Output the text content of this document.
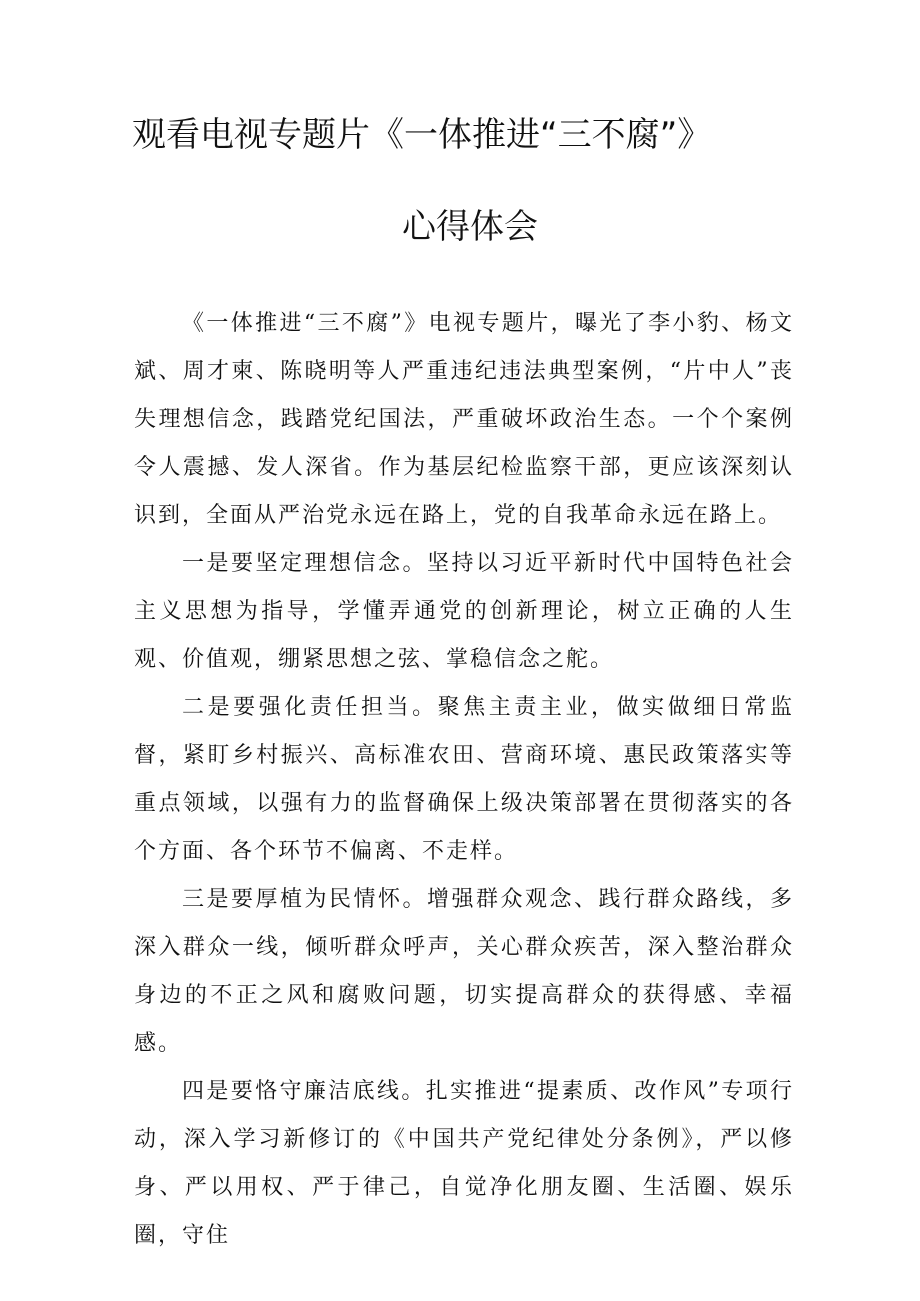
观看电视专题片《一体推进“三不腐”》
心得体会

《一体推进“三不腐”》电视专题片，曝光了李小豹、杨文斌、周才柬、陈晓明等人严重违纪违法典型案例，“片中人”丧失理想信念，践踏党纪国法，严重破坏政治生态。一个个案例令人震撼、发人深省。作为基层纪检监察干部，更应该深刻认识到，全面从严治党永远在路上，党的自我革命永远在路上。

一是要坚定理想信念。坚持以习近平新时代中国特色社会主义思想为指导，学懂弄通党的创新理论，树立正确的人生观、价值观，绷紧思想之弦、掌稳信念之舵。

二是要强化责任担当。聚焦主责主业，做实做细日常监督，紧盯乡村振兴、高标准农田、营商环境、惠民政策落实等重点领域，以强有力的监督确保上级决策部署在贯彻落实的各个方面、各个环节不偏离、不走样。

三是要厚植为民情怀。增强群众观念、践行群众路线，多深入群众一线，倾听群众呼声，关心群众疾苦，深入整治群众身边的不正之风和腐败问题，切实提高群众的获得感、幸福感。

四是要恪守廉洁底线。扎实推进“提素质、改作风”专项行动，深入学习新修订的《中国共产党纪律处分条例》，严以修身、严以用权、严于律己，自觉净化朋友圈、生活圈、娱乐圈，守住
